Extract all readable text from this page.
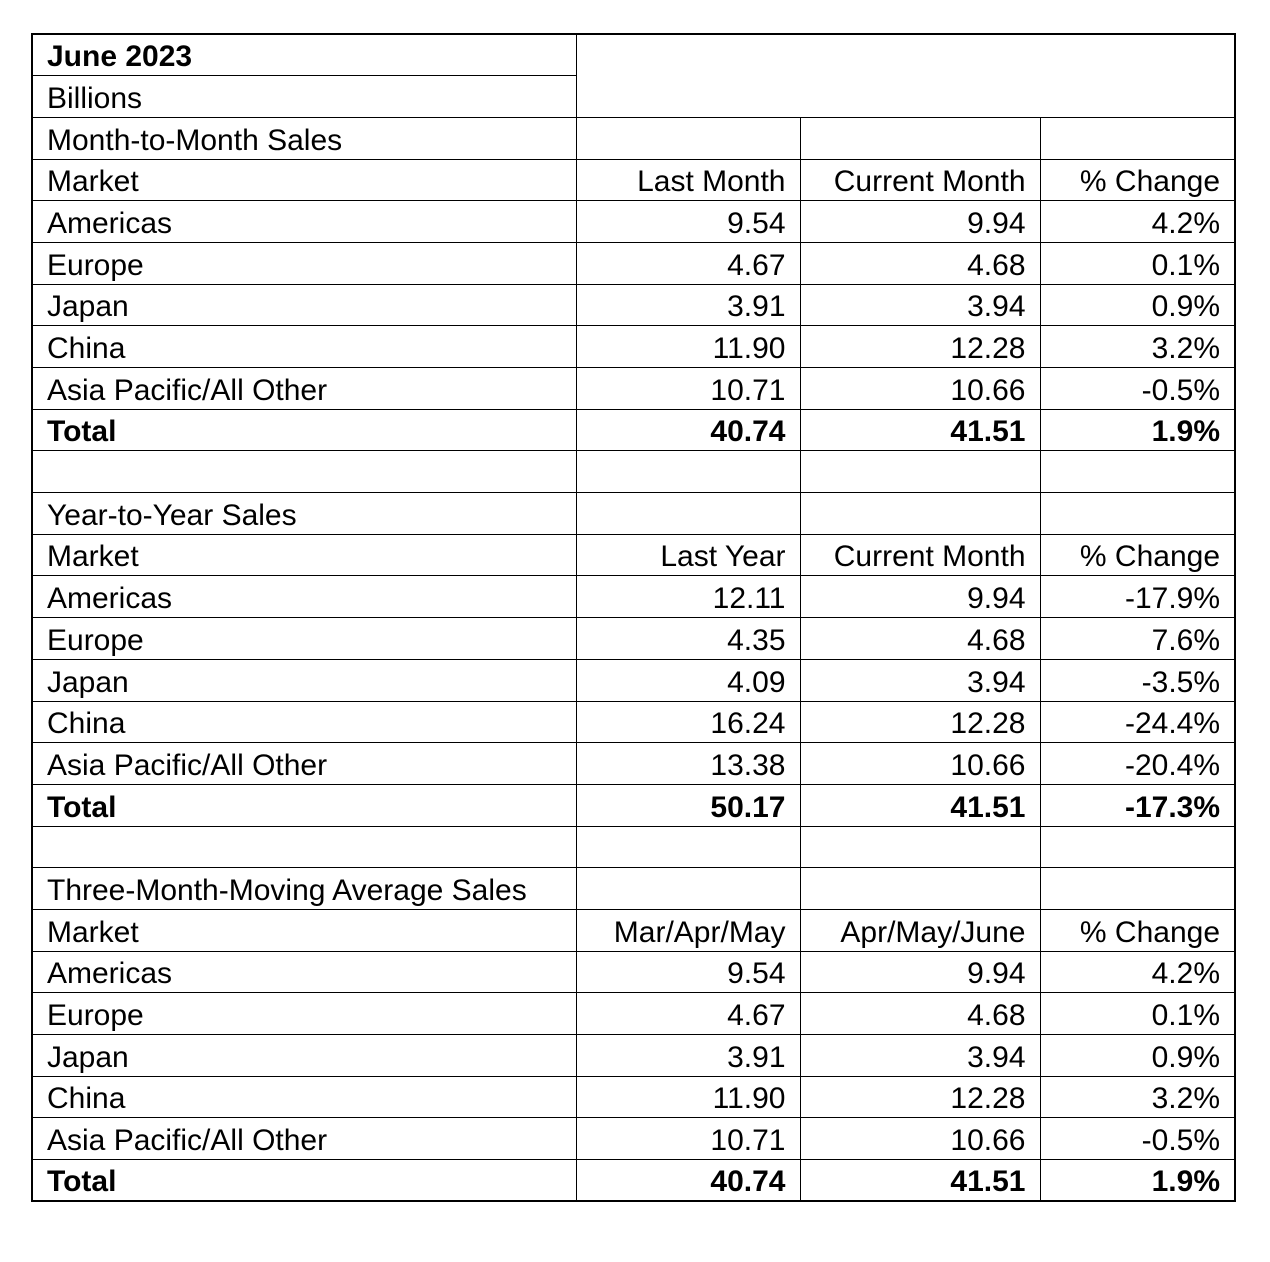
June 2023			
Billions			
Month-to-Month Sales			
Market	Last Month	Current Month	% Change
Americas	9.54	9.94	4.2%
Europe	4.67	4.68	0.1%
Japan	3.91	3.94	0.9%
China	11.90	12.28	3.2%
Asia Pacific/All Other	10.71	10.66	-0.5%
Total	40.74	41.51	1.9%

Year-to-Year Sales			
Market	Last Year	Current Month	% Change
Americas	12.11	9.94	-17.9%
Europe	4.35	4.68	7.6%
Japan	4.09	3.94	-3.5%
China	16.24	12.28	-24.4%
Asia Pacific/All Other	13.38	10.66	-20.4%
Total	50.17	41.51	-17.3%

Three-Month-Moving Average Sales			
Market	Mar/Apr/May	Apr/May/June	% Change
Americas	9.54	9.94	4.2%
Europe	4.67	4.68	0.1%
Japan	3.91	3.94	0.9%
China	11.90	12.28	3.2%
Asia Pacific/All Other	10.71	10.66	-0.5%
Total	40.74	41.51	1.9%
